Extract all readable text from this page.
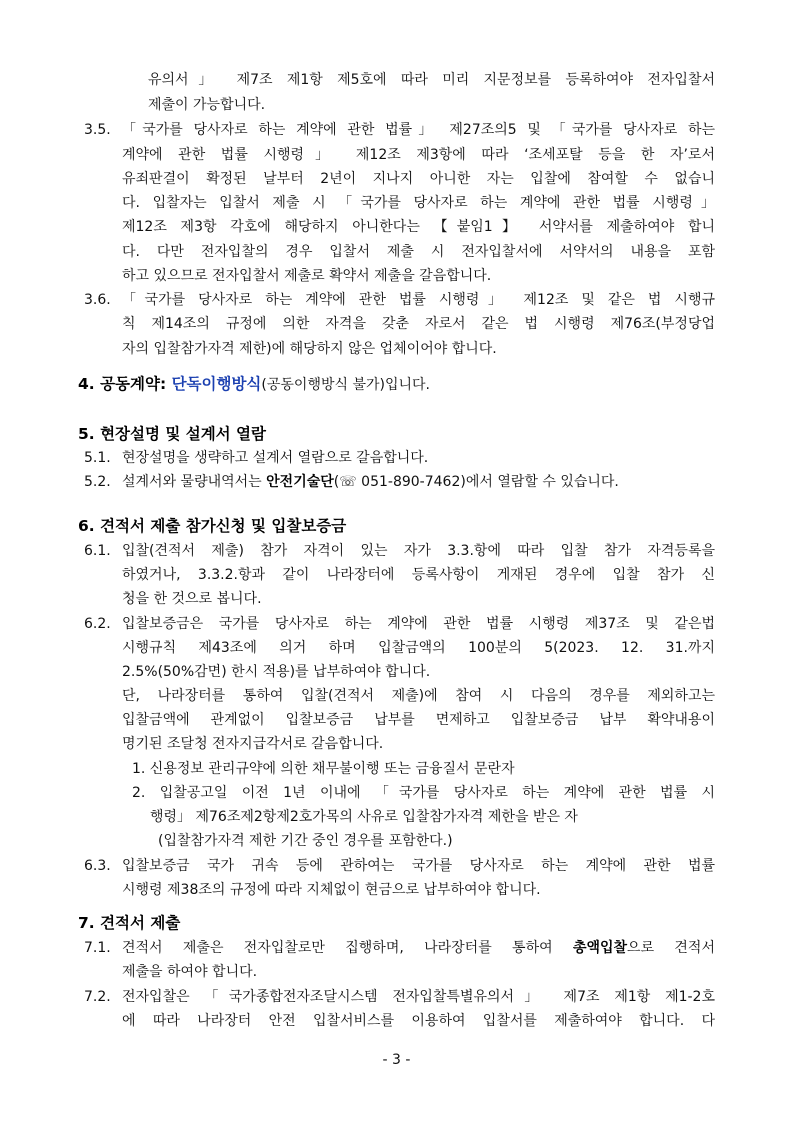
유의서」 제7조 제1항 제5호에 따라 미리 지문정보를 등록하여야 전자입찰서
제출이 가능합니다.
3.5. 「국가를 당사자로 하는 계약에 관한 법률」 제27조의5 및 「국가를 당사자로 하는
계약에 관한 법률 시행령」 제12조 제3항에 따라 ‘조세포탈 등을 한 자’로서
유죄판결이 확정된 날부터 2년이 지나지 아니한 자는 입찰에 참여할 수 없습니
다. 입찰자는 입찰서 제출 시 「국가를 당사자로 하는 계약에 관한 법률 시행령」
제12조 제3항 각호에 해당하지 아니한다는 【붙임1】 서약서를 제출하여야 합니
다. 다만 전자입찰의 경우 입찰서 제출 시 전자입찰서에 서약서의 내용을 포함
하고 있으므로 전자입찰서 제출로 확약서 제출을 갈음합니다.
3.6. 「국가를 당사자로 하는 계약에 관한 법률 시행령」 제12조 및 같은 법 시행규
칙 제14조의 규정에 의한 자격을 갖춘 자로서 같은 법 시행령 제76조(부정당업
자의 입찰참가자격 제한)에 해당하지 않은 업체이어야 합니다.
4. 공동계약: 단독이행방식(공동이행방식 불가)입니다.
5. 현장설명 및 설계서 열람
5.1. 현장설명을 생략하고 설계서 열람으로 갈음합니다.
5.2. 설계서와 물량내역서는 안전기술단(☏ 051-890-7462)에서 열람할 수 있습니다.
6. 견적서 제출 참가신청 및 입찰보증금
6.1. 입찰(견적서 제출) 참가 자격이 있는 자가 3.3.항에 따라 입찰 참가 자격등록을
하였거나, 3.3.2.항과 같이 나라장터에 등록사항이 게재된 경우에 입찰 참가 신
청을 한 것으로 봅니다.
6.2. 입찰보증금은 국가를 당사자로 하는 계약에 관한 법률 시행령 제37조 및 같은법
시행규칙 제43조에 의거 하며 입찰금액의 100분의 5(2023. 12. 31.까지
2.5%(50%감면) 한시 적용)를 납부하여야 합니다.
단, 나라장터를 통하여 입찰(견적서 제출)에 참여 시 다음의 경우를 제외하고는
입찰금액에 관계없이 입찰보증금 납부를 면제하고 입찰보증금 납부 확약내용이
명기된 조달청 전자지급각서로 갈음합니다.
1. 신용정보 관리규약에 의한 채무불이행 또는 금융질서 문란자
2. 입찰공고일 이전 1년 이내에 「국가를 당사자로 하는 계약에 관한 법률 시
행령」 제76조제2항제2호가목의 사유로 입찰참가자격 제한을 받은 자
(입찰참가자격 제한 기간 중인 경우를 포함한다.)
6.3. 입찰보증금 국가 귀속 등에 관하여는 국가를 당사자로 하는 계약에 관한 법률
시행령 제38조의 규정에 따라 지체없이 현금으로 납부하여야 합니다.
7. 견적서 제출
7.1. 견적서 제출은 전자입찰로만 집행하며, 나라장터를 통하여 총액입찰으로 견적서
제출을 하여야 합니다.
7.2. 전자입찰은 「국가종합전자조달시스템 전자입찰특별유의서」 제7조 제1항 제1-2호
에 따라 나라장터 안전 입찰서비스를 이용하여 입찰서를 제출하여야 합니다. 다
- 3 -
